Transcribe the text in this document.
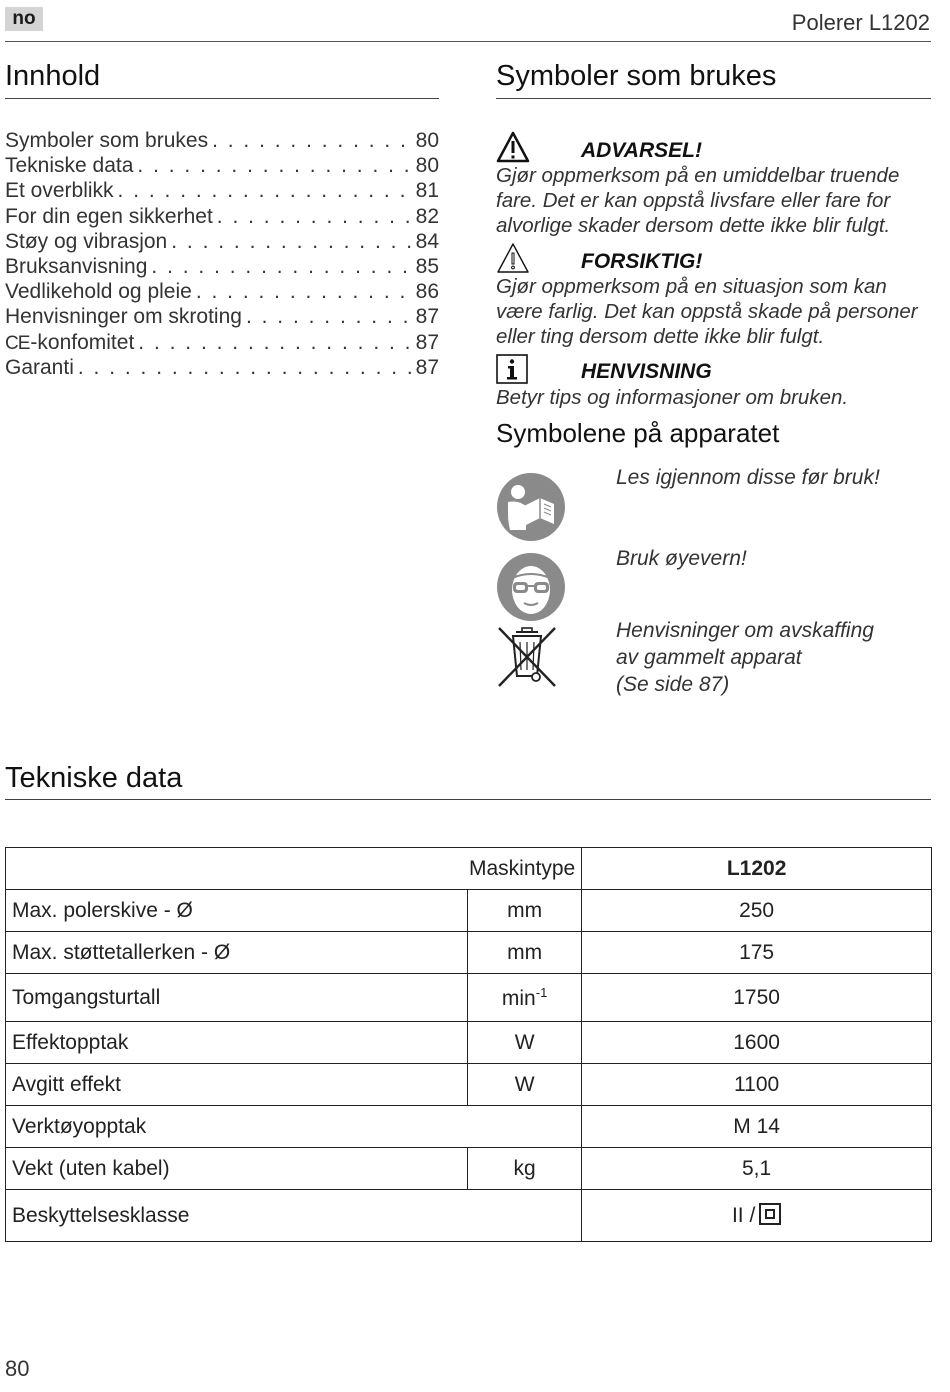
no	Polerer L1202
Innhold
Symboler som brukes . . .	80
Tekniske data . . .	80
Et overblikk . . .	81
For din egen sikkerhet . . .	82
Støy og vibrasjon . . .	84
Bruksanvisning . . .	85
Vedlikehold og pleie . . .	86
Henvisninger om skroting . . .	87
CE-konfomitet . . .	87
Garanti . . .	87
Symboler som brukes
ADVARSEL!
Gjør oppmerksom på en umiddelbar truende fare. Det er kan oppstå livsfare eller fare for alvorlige skader dersom dette ikke blir fulgt.
FORSIKTIG!
Gjør oppmerksom på en situasjon som kan være farlig. Det kan oppstå skade på personer eller ting dersom dette ikke blir fulgt.
HENVISNING
Betyr tips og informasjoner om bruken.
Symbolene på apparatet
Les igjennom disse før bruk!
Bruk øyevern!
Henvisninger om avskaffing
av gammelt apparat
(Se side 87)
Tekniske data
Maskintype		L1202
Max. polerskive - Ø	mm	250
Max. støttetallerken - Ø	mm	175
Tomgangsturtall	$\min^{-1}$	1750
Effektopptak	W	1600
Avgitt effekt	W	1100
Verktøyopptak		M 14
Vekt (uten kabel)	kg	5,1
Beskyttelsesklasse		II /
80
